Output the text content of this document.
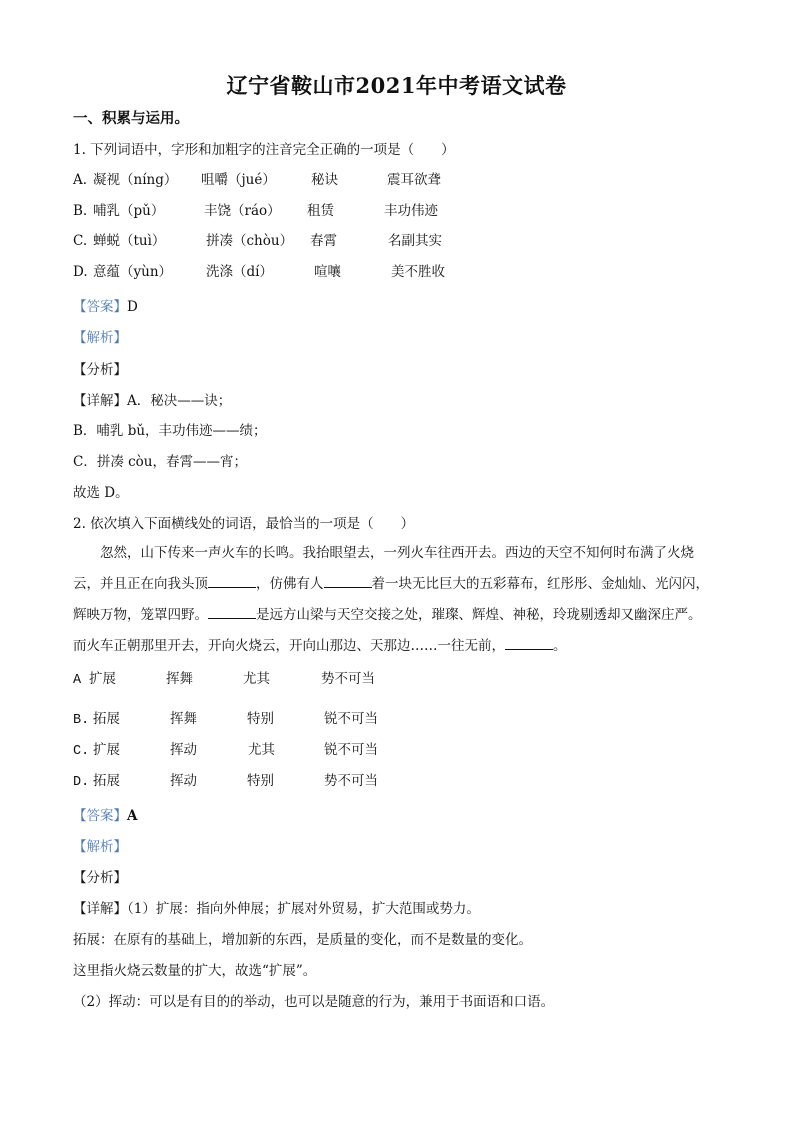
辽宁省鞍山市2021年中考语文试卷
一、积累与运用。
1. 下列词语中，字形和加粗字的注音完全正确的一项是（　　）
A. 凝视（níng） 咀嚼（jué）	秘诀	震耳欲聋
B. 哺乳（pǔ）	丰饶（ráo） 租赁	丰功伟迹
C. 蝉蜕（tuì）	拼凑（chòu） 春霄	名副其实
D. 意蕴（yùn）	洗涤（dí）	喧嚷	美不胜收
【答案】D
【解析】
【分析】
【详解】A．秘决——诀；
B．哺乳 bǔ，丰功伟迹——绩；
C．拼凑 còu，春霄——宵；
故选 D。
2. 依次填入下面横线处的词语，最恰当的一项是（　　）
忽然，山下传来一声火车的长鸣。我抬眼望去，一列火车往西开去。西边的天空不知何时布满了火烧
云，并且正在向我头顶	，仿佛有人	着一块无比巨大的五彩幕布，红彤彤、金灿灿、光闪闪，
辉映万物，笼罩四野。	是远方山梁与天空交接之处，璀璨、辉煌、神秘，玲珑剔透却又幽深庄严。
而火车正朝那里开去，开向火烧云，开向山那边、天那边……一往无前，	。
A 扩展	挥舞	尤其	势不可当
B. 拓展	挥舞	特别	锐不可当
C. 扩展	挥动	尤其	锐不可当
D. 拓展	挥动	特别	势不可当
【答案】A
【解析】
【分析】
【详解】（1）扩展：指向外伸展；扩展对外贸易，扩大范围或势力。
拓展：在原有的基础上，增加新的东西，是质量的变化，而不是数量的变化。
这里指火烧云数量的扩大，故选“扩展”。
（2）挥动：可以是有目的的举动，也可以是随意的行为，兼用于书面语和口语。
